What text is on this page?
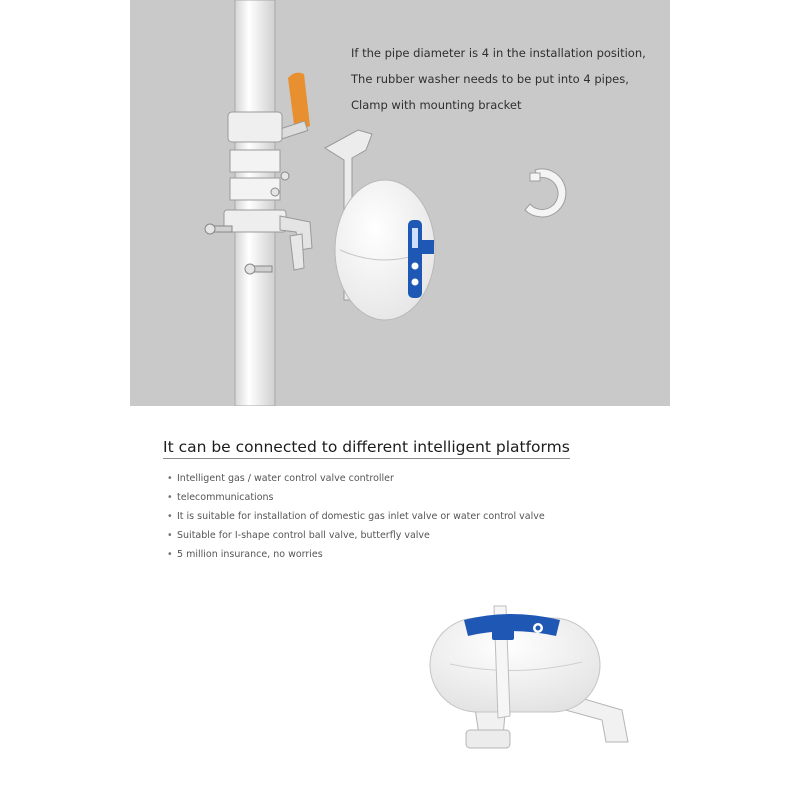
If the pipe diameter is 4 in the installation position,
The rubber washer needs to be put into 4 pipes,
Clamp with mounting bracket

It can be connected to different intelligent platforms
• Intelligent gas / water control valve controller
• telecommunications
• It is suitable for installation of domestic gas inlet valve or water control valve
• Suitable for I-shape control ball valve, butterfly valve
• 5 million insurance, no worries
